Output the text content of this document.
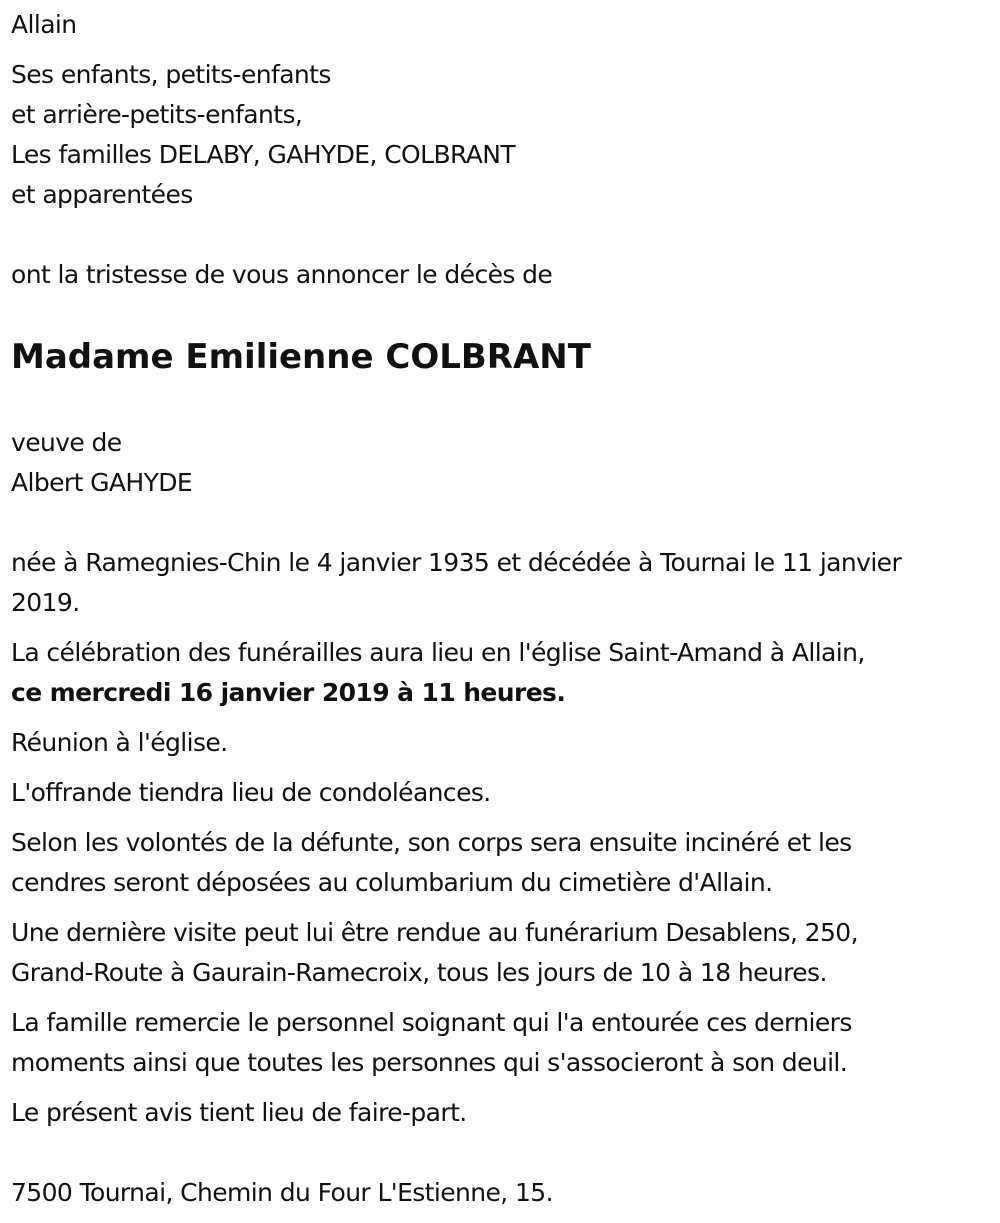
Allain

Ses enfants, petits-enfants

et arrière-petits-enfants,

Les familles DELABY, GAHYDE, COLBRANT

et apparentées

ont la tristesse de vous annoncer le décès de

Madame Emilienne COLBRANT

veuve de

Albert GAHYDE

née à Ramegnies-Chin le 4 janvier 1935 et décédée à Tournai le 11 janvier

2019.

La célébration des funérailles aura lieu en l'église Saint-Amand à Allain,

ce mercredi 16 janvier 2019 à 11 heures.

Réunion à l'église.

L'offrande tiendra lieu de condoléances.

Selon les volontés de la défunte, son corps sera ensuite incinéré et les

cendres seront déposées au columbarium du cimetière d'Allain.

Une dernière visite peut lui être rendue au funérarium Desablens, 250,

Grand-Route à Gaurain-Ramecroix, tous les jours de 10 à 18 heures.

La famille remercie le personnel soignant qui l'a entourée ces derniers

moments ainsi que toutes les personnes qui s'associeront à son deuil.

Le présent avis tient lieu de faire-part.

7500 Tournai, Chemin du Four L'Estienne, 15.
